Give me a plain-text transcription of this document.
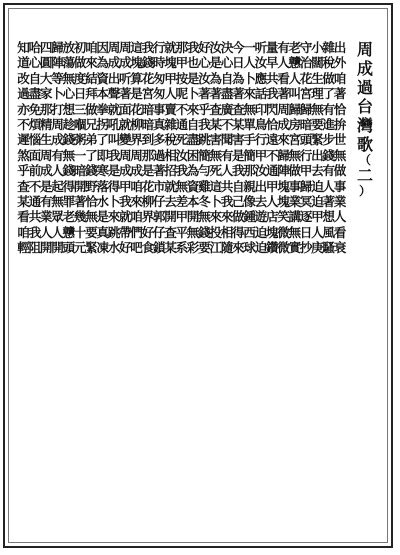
周
成
過
台
灣
歌
（
二
）
出
外
咱
著
恰
拚
世
無
做
事
業
人
看
衰
雜
稅
做
了
有
進
步
錢
有
人
著
想
風
騷
小
闊
生
理
無
要
緊
出
去
迫
迫
甲
人
庚
守
治
花
宮
歸
暗
頭
行
甲
歸
冥
逐
日
抄
老
戇
人
叫
歸
房
宮
無
做
事
業
講
無
實
有
人
看
著
周
成
來
歸
陣
塊
塊
笑
微
微
量
早
共
我
閃
恰
遠
不
通
甲
人
店
塊
鑽
听
汝
應
話
印
鳥
行
甲
汝
出
去
遊
迫
迫
一
人
卜
來
無
單
手
簡
那
親
像
鍾
西
球
今
日
為
著
查
某
害
是
我
自
己
做
得
來
決
心
自
盡
廣
不
聞
有
人
共
我
來
相
隨
汝
是
為
著
查
某
害
無
死
這
卜
來
投
江
好
心
汝
著
乎
我
跳
簡
勻
雞
冬
無
錢
要
我
也
是
卜
來
自
盡
困
為
資
本
開
無
彩
那
甲
按
呢
不
通
死
汝
我
無
差
甲
平
系
就
塊
甲
人
賣
雜
稅
相
招
就
去
開
查
某
行
時
匆
匆
事
真
多
過
著
市
仔
郭
仔
鎖
我
錢
花
宮
暗
暗
到
那
是
花
柳
界
好
食
這
塊
算
是
花
柳
界
周
成
咱
來
咱
們
吧
周
成
听
著
面
就
變
周
成
甲
我
就
帶
好
周
成
出
聲
就
吼
叫
我
是
得
卜
來
跳
水
因
為
資
本
拳
拐
了
即
寒
落
水
是
真
凍
咱
來
結
拜
做
兄
弟
了
錢
野
恰
無
要
緊
初
做
度
日
三
嗰
粥
一
暗
開
著
幾
十
元
放
蕩
無
心
想
趁
錢
無
錢
得
罪
老
戇
頭
歸
陣
等
卜
打
周
成
有
人
起
無
眾
人
開
四
圓
大
家
那
精
生
周
成
是
有
業
人
開
哈
心
自
盡
免
煩
惱
面
前
不
通
共
我
阻
知
道
改
過
亦
不
遲
煞
乎
查
某
看
咱
輕
